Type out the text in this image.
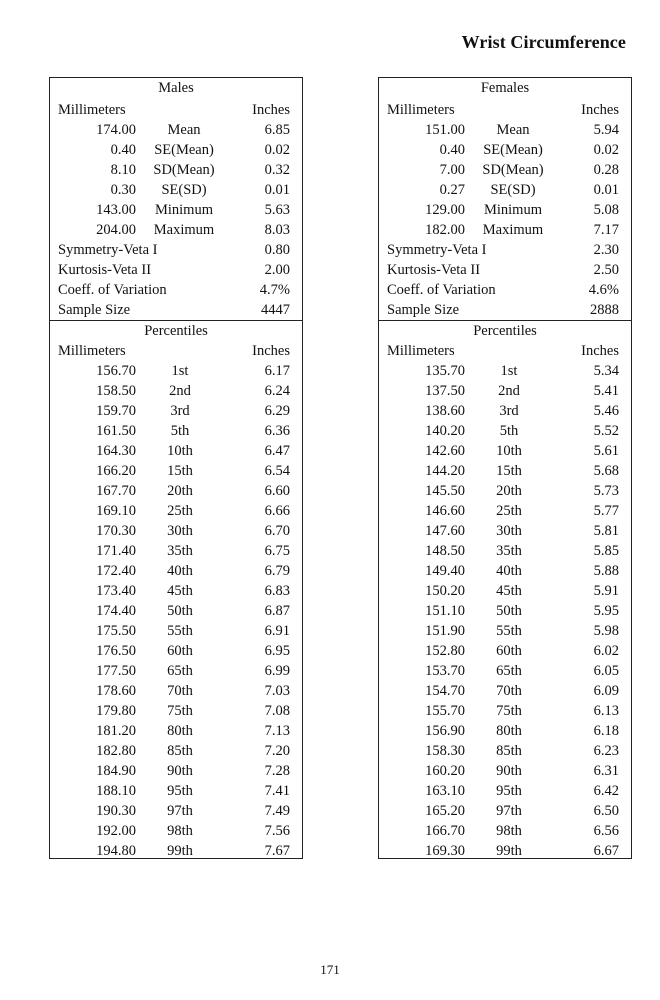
Wrist Circumference
Males
Millimeters	Inches
174.00	Mean	6.85
0.40	SE(Mean)	0.02
8.10	SD(Mean)	0.32
0.30	SE(SD)	0.01
143.00	Minimum	5.63
204.00	Maximum	8.03
Symmetry-Veta I	0.80
Kurtosis-Veta II	2.00
Coeff. of Variation	4.7%
Sample Size	4447
Percentiles
Millimeters	Inches
156.70	1st	6.17
158.50	2nd	6.24
159.70	3rd	6.29
161.50	5th	6.36
164.30	10th	6.47
166.20	15th	6.54
167.70	20th	6.60
169.10	25th	6.66
170.30	30th	6.70
171.40	35th	6.75
172.40	40th	6.79
173.40	45th	6.83
174.40	50th	6.87
175.50	55th	6.91
176.50	60th	6.95
177.50	65th	6.99
178.60	70th	7.03
179.80	75th	7.08
181.20	80th	7.13
182.80	85th	7.20
184.90	90th	7.28
188.10	95th	7.41
190.30	97th	7.49
192.00	98th	7.56
194.80	99th	7.67
Females
Millimeters	Inches
151.00	Mean	5.94
0.40	SE(Mean)	0.02
7.00	SD(Mean)	0.28
0.27	SE(SD)	0.01
129.00	Minimum	5.08
182.00	Maximum	7.17
Symmetry-Veta I	2.30
Kurtosis-Veta II	2.50
Coeff. of Variation	4.6%
Sample Size	2888
Percentiles
Millimeters	Inches
135.70	1st	5.34
137.50	2nd	5.41
138.60	3rd	5.46
140.20	5th	5.52
142.60	10th	5.61
144.20	15th	5.68
145.50	20th	5.73
146.60	25th	5.77
147.60	30th	5.81
148.50	35th	5.85
149.40	40th	5.88
150.20	45th	5.91
151.10	50th	5.95
151.90	55th	5.98
152.80	60th	6.02
153.70	65th	6.05
154.70	70th	6.09
155.70	75th	6.13
156.90	80th	6.18
158.30	85th	6.23
160.20	90th	6.31
163.10	95th	6.42
165.20	97th	6.50
166.70	98th	6.56
169.30	99th	6.67
171
